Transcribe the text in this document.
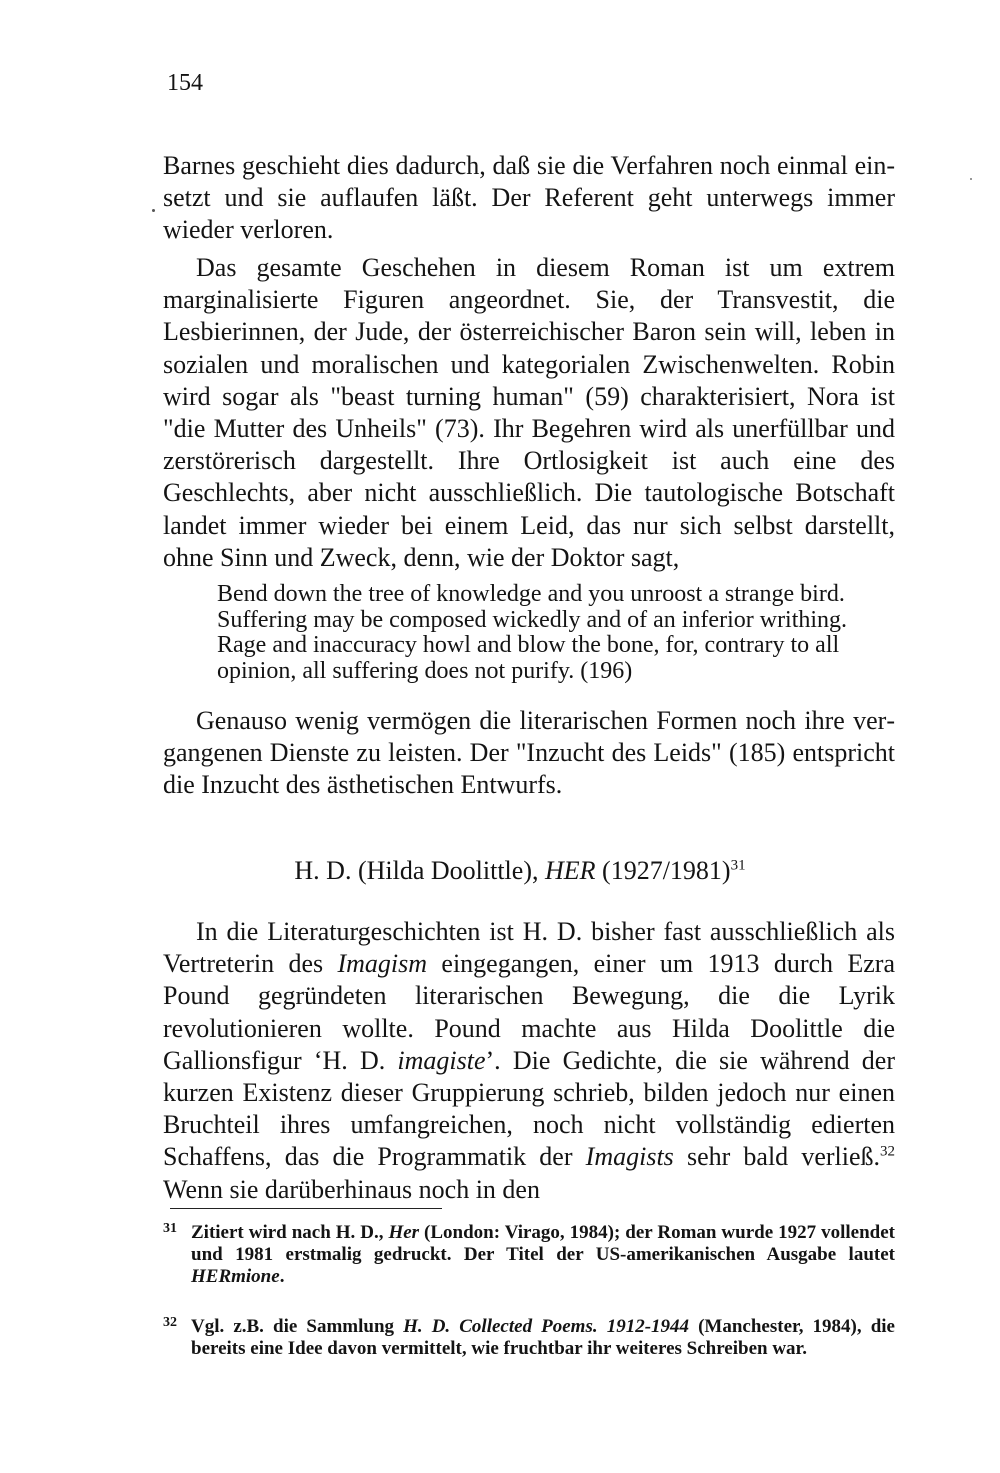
154

Barnes geschieht dies dadurch, daß sie die Verfahren noch einmal einsetzt und sie auflaufen läßt. Der Referent geht unterwegs immer wieder verloren.

Das gesamte Geschehen in diesem Roman ist um extrem marginalisierte Figuren angeordnet. Sie, der Transvestit, die Lesbierinnen, der Jude, der österreichischer Baron sein will, leben in sozialen und moralischen und kategorialen Zwischenwelten. Robin wird sogar als "beast turning human" (59) charakterisiert, Nora ist "die Mutter des Unheils" (73). Ihr Begehren wird als unerfüllbar und zerstörerisch dargestellt. Ihre Ortlosigkeit ist auch eine des Geschlechts, aber nicht ausschließlich. Die tautologische Botschaft landet immer wieder bei einem Leid, das nur sich selbst darstellt, ohne Sinn und Zweck, denn, wie der Doktor sagt,

Bend down the tree of knowledge and you unroost a strange bird. Suffering may be composed wickedly and of an inferior writhing. Rage and inaccuracy howl and blow the bone, for, contrary to all opinion, all suffering does not purify. (196)

Genauso wenig vermögen die literarischen Formen noch ihre vergangenen Dienste zu leisten. Der "Inzucht des Leids" (185) entspricht die Inzucht des ästhetischen Entwurfs.

H. D. (Hilda Doolittle), HER $(1927/1981)^{31}$

In die Literaturgeschichten ist H. D. bisher fast ausschließlich als Vertreterin des Imagism eingegangen, einer um 1913 durch Ezra Pound gegründeten literarischen Bewegung, die die Lyrik revolutionieren wollte. Pound machte aus Hilda Doolittle die Gallionsfigur ‘H. D. imagiste’. Die Gedichte, die sie während der kurzen Existenz dieser Gruppierung schrieb, bilden jedoch nur einen Bruchteil ihres umfangreichen, noch nicht vollständig edierten Schaffens, das die Programmatik der Imagists sehr bald verließ.$^{32}$ Wenn sie darüberhinaus noch in den

31 Zitiert wird nach H. D., Her (London: Virago, 1984); der Roman wurde 1927 vollendet und 1981 erstmalig gedruckt. Der Titel der US-amerikanischen Ausgabe lautet HERmione.
32 Vgl. z.B. die Sammlung H. D. Collected Poems. 1912-1944 (Manchester, 1984), die bereits eine Idee davon vermittelt, wie fruchtbar ihr weiteres Schreiben war.
